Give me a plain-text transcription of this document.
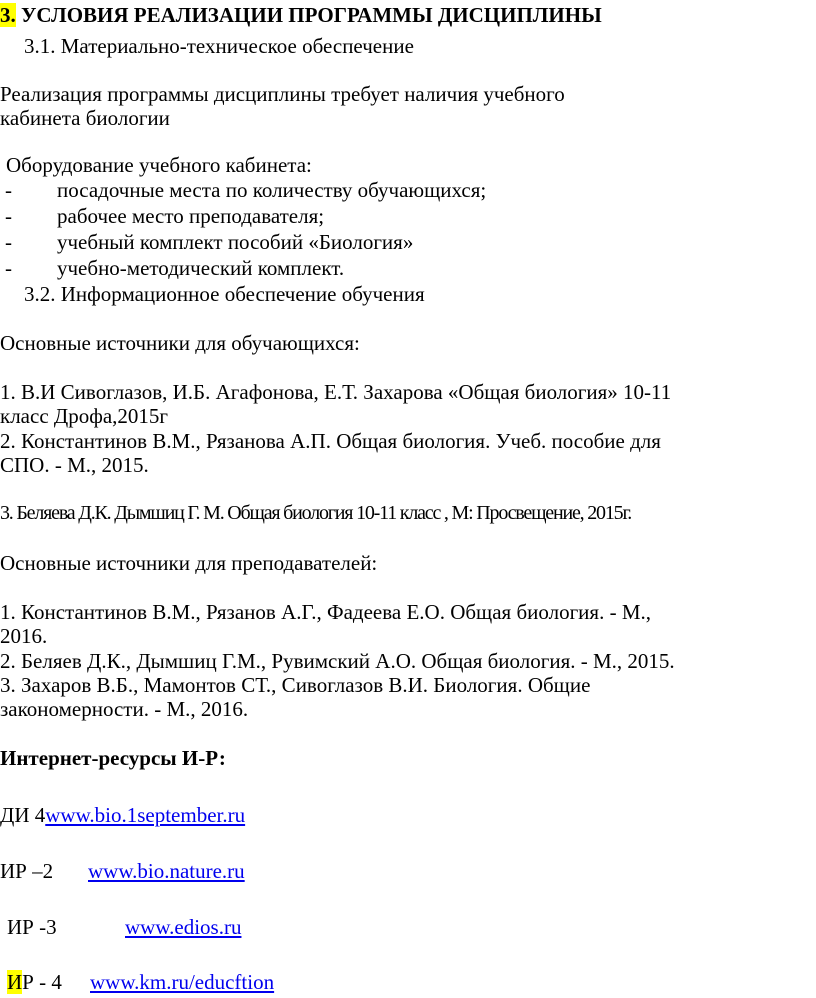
3. УСЛОВИЯ РЕАЛИЗАЦИИ ПРОГРАММЫ ДИСЦИПЛИНЫ
3.1. Материально-техническое обеспечение
Реализация программы дисциплины требует наличия учебного
кабинета биологии
Оборудование учебного кабинета:
- посадочные места по количеству обучающихся;
- рабочее место преподавателя;
- учебный комплект пособий «Биология»
- учебно-методический комплект.
3.2. Информационное обеспечение обучения
Основные источники для обучающихся:
1. В.И Сивоглазов, И.Б. Агафонова, Е.Т. Захарова «Общая биология» 10-11
класс Дрофа,2015г
2. Константинов В.М., Рязанова А.П. Общая биология. Учеб. пособие для
СПО. - М., 2015.
3. Беляева Д.К. Дымшиц Г. М. Общая биология 10-11 класс , М: Просвещение, 2015г.
Основные источники для преподавателей:
1. Константинов В.М., Рязанов А.Г., Фадеева Е.О. Общая биология. - М.,
2016.
2. Беляев Д.К., Дымшиц Г.М., Рувимский А.О. Общая биология. - М., 2015.
3. Захаров В.Б., Мамонтов СТ., Сивоглазов В.И. Биология. Общие
закономерности. - М., 2016.
Интернет-ресурсы И-Р:
ДИ 4www.bio.1september.ru
ИР –2 www.bio.nature.ru
ИР -3	www.edios.ru
ИР - 4 www.km.ru/educftion
